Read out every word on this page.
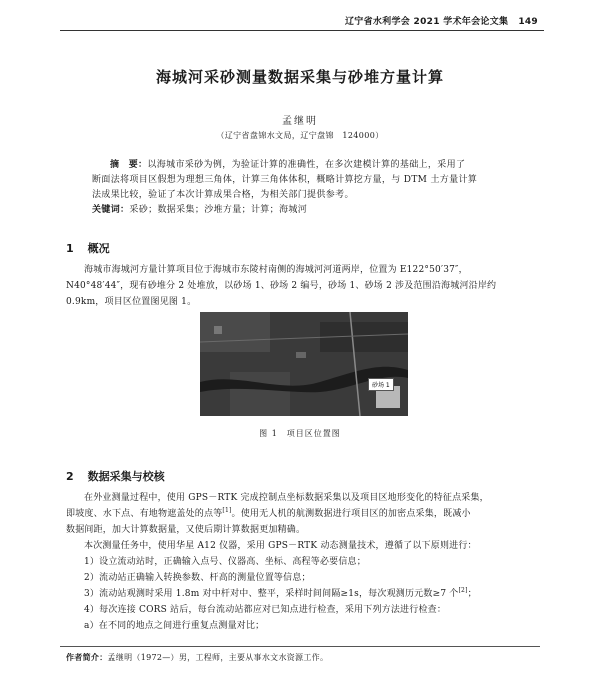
辽宁省水利学会 2021 学术年会论文集 149
海城河采砂测量数据采集与砂堆方量计算
孟继明
（辽宁省盘锦水文局，辽宁盘锦　124000）
摘　要：以海城市采砂为例，为验证计算的准确性，在多次建模计算的基础上，采用了
断面法将项目区假想为理想三角体，计算三角体体积，概略计算挖方量，与 DTM 土方量计算
法成果比较，验证了本次计算成果合格，为相关部门提供参考。
关键词：采砂；数据采集；沙堆方量；计算；海城河
1 概况
海城市海城河方量计算项目位于海城市东陵村南侧的海城河河道两岸，位置为 E122°50′37″，
N40°48′44″，现有砂堆分 2 处堆放，以砂场 1、砂场 2 编号，砂场 1、砂场 2 涉及范围沿海城河沿岸约
0.9km，项目区位置图见图 1。
砂场 1
图 1　项目区位置图
2 数据采集与校核
在外业测量过程中，使用 GPS－RTK 完成控制点坐标数据采集以及项目区地形变化的特征点采集，
即坡度、水下点、有地物遮盖处的点等[1]。使用无人机的航测数据进行项目区的加密点采集，既减小
数据间距，加大计算数据量，又使后期计算数据更加精确。
本次测量任务中，使用华星 A12 仪器，采用 GPS－RTK 动态测量技术，遵循了以下原则进行：
1）设立流动站时，正确输入点号、仪器高、坐标、高程等必要信息；
2）流动站正确输入转换参数、杆高的测量位置等信息；
3）流动站观测时采用 1.8m 对中杆对中、整平，采样时间间隔≥1s，每次观测历元数≥7 个[2]；
4）每次连接 CORS 站后，每台流动站都应对已知点进行检查，采用下列方法进行检查：
a）在不同的地点之间进行重复点测量对比；
作者简介：孟继明（1972—）男，工程师，主要从事水文水资源工作。
